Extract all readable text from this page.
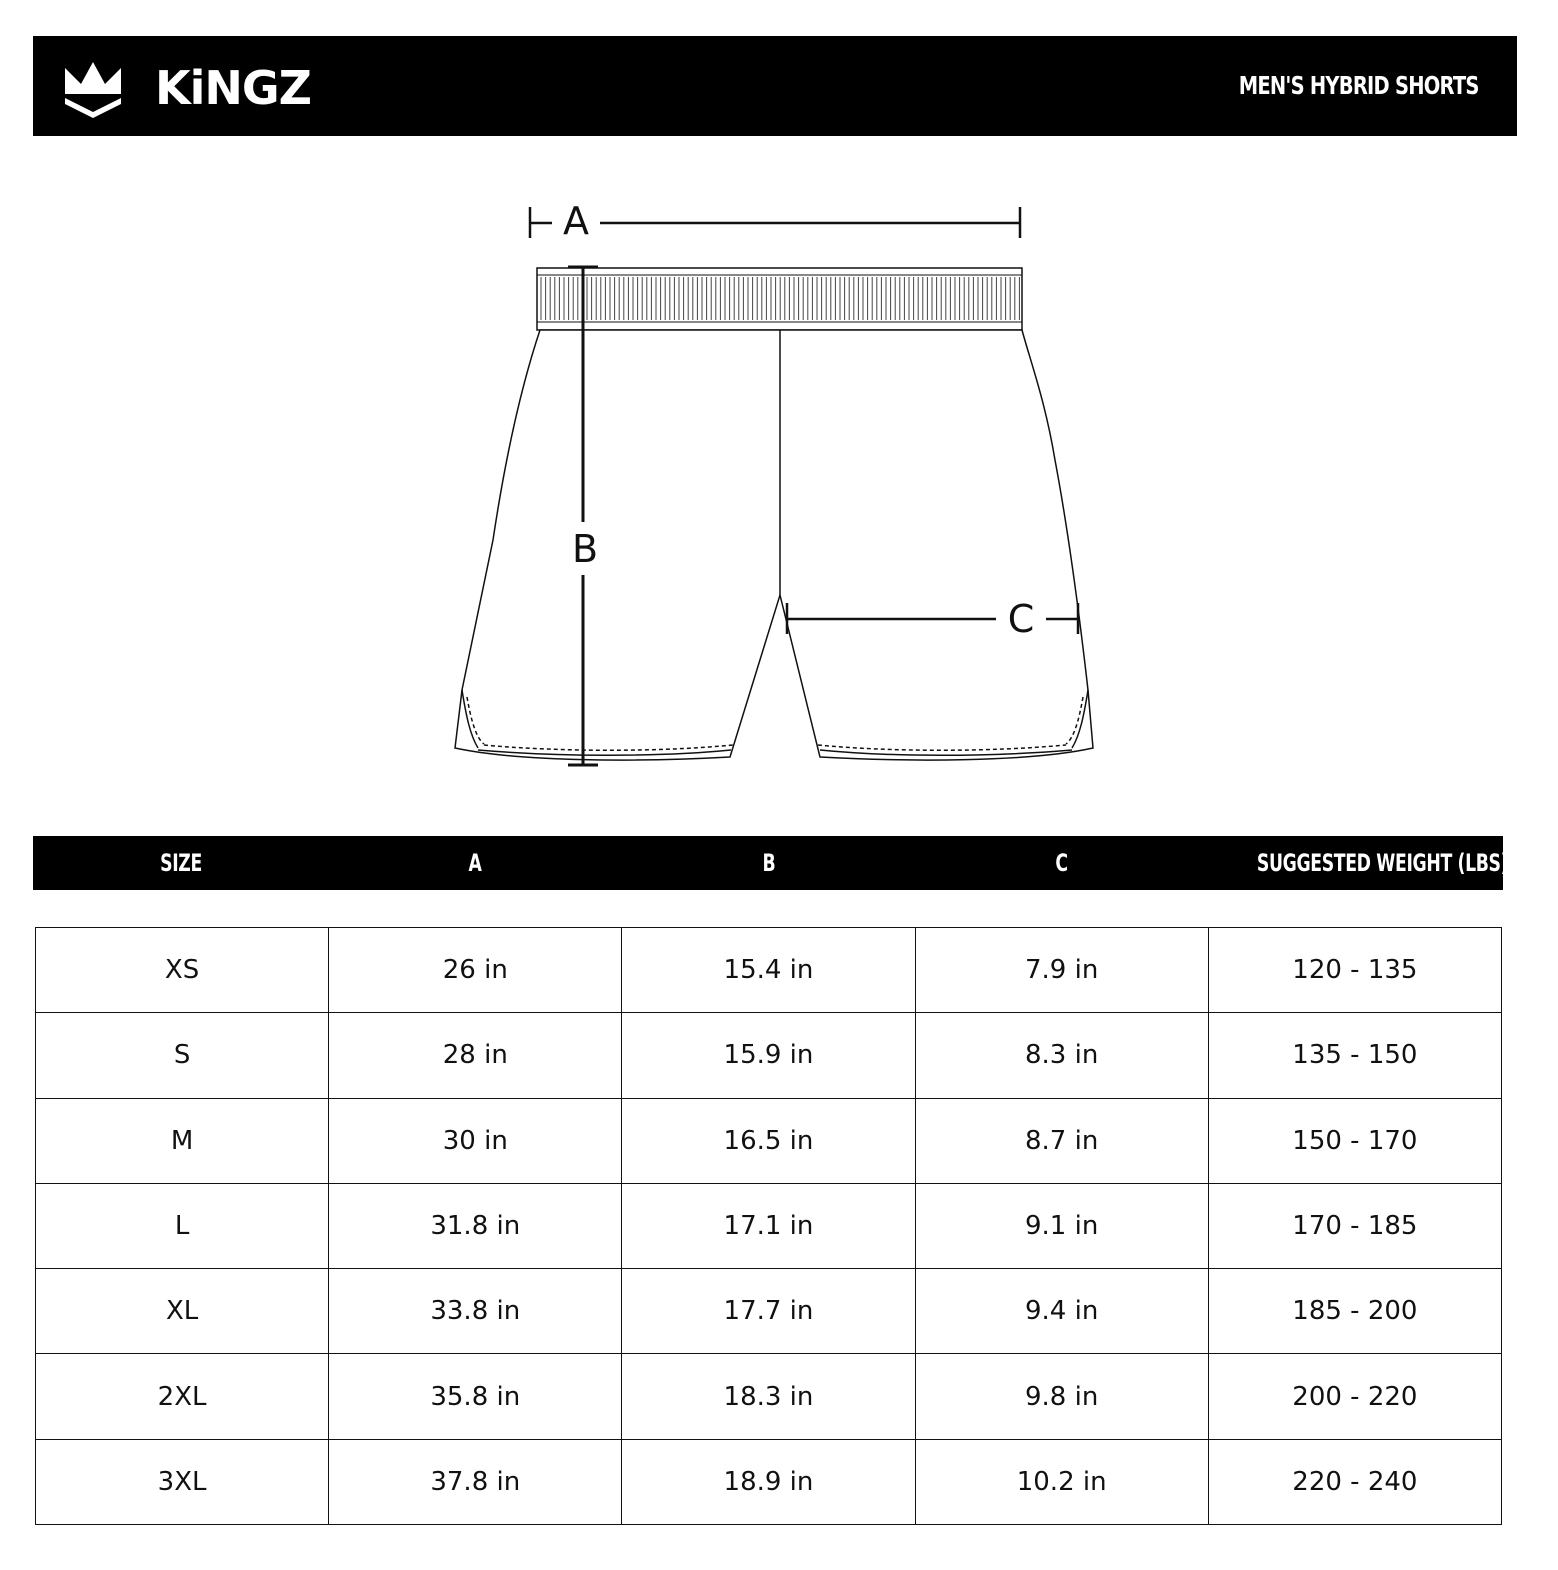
KiNGZ	MEN'S HYBRID SHORTS
A
B
C
SIZE	A	B	C	SUGGESTED WEIGHT (LBS)
XS	26 in	15.4 in	7.9 in	120 - 135
S	28 in	15.9 in	8.3 in	135 - 150
M	30 in	16.5 in	8.7 in	150 - 170
L	31.8 in	17.1 in	9.1 in	170 - 185
XL	33.8 in	17.7 in	9.4 in	185 - 200
2XL	35.8 in	18.3 in	9.8 in	200 - 220
3XL	37.8 in	18.9 in	10.2 in	220 - 240
